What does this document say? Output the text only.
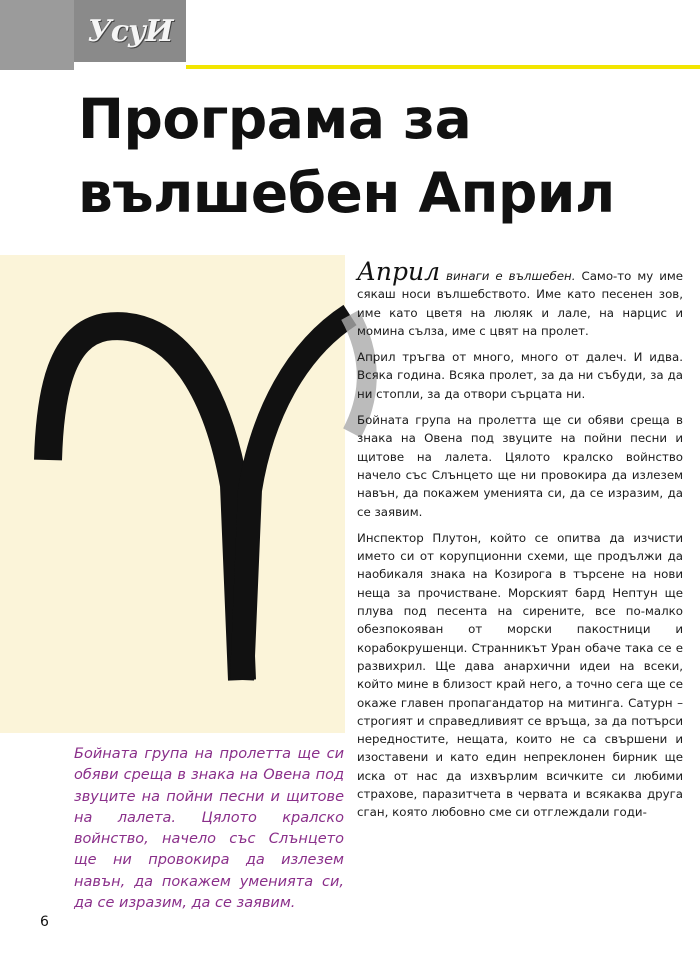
УсуИ
Програма за
вълшебен Април

Бойната група на пролетта ще си обяви среща в знака на Овена под звуците на пойни песни и щитове на лалета. Цялото кралско войнство, начело със Слънцето ще ни провокира да излезем навън, да покажем уменията си, да се изразим, да се заявим.

Април винаги е вълшебен. Само-то му име сякаш носи вълшебството. Име като песенен зов, име като цветя на люляк и лале, на нарцис и момина сълза, име с цвят на пролет.

Април тръгва от много, много от далеч. И идва. Всяка година. Всяка пролет, за да ни събуди, за да ни стопли, за да отвори сърцата ни.

Бойната група на пролетта ще си обяви среща в знака на Овена под звуците на пойни песни и щитове на лалета. Цялото кралско войнство начело със Слънцето ще ни провокира да излезем навън, да покажем уменията си, да се изразим, да се заявим.

Инспектор Плутон, който се опитва да изчисти името си от корупционни схеми, ще продължи да наобикаля знака на Козирога в търсене на нови неща за прочистване. Морският бард Нептун ще плува под песента на сирените, все по-малко обезпокояван от морски пакостници и корабокрушенци. Странникът Уран обаче така се е развихрил. Ще дава анархични идеи на всеки, който мине в близост край него, а точно сега ще се окаже главен пропагандатор на митинга. Сатурн – строгият и справедливият се връща, за да потърси нередностите, нещата, които не са свършени и изоставени и като един непреклонен бирник ще иска от нас да изхвърлим всичките си любими страхове, паразитчета в червата и всякаква друга сган, която любовно сме си отглеждали годи-

6
